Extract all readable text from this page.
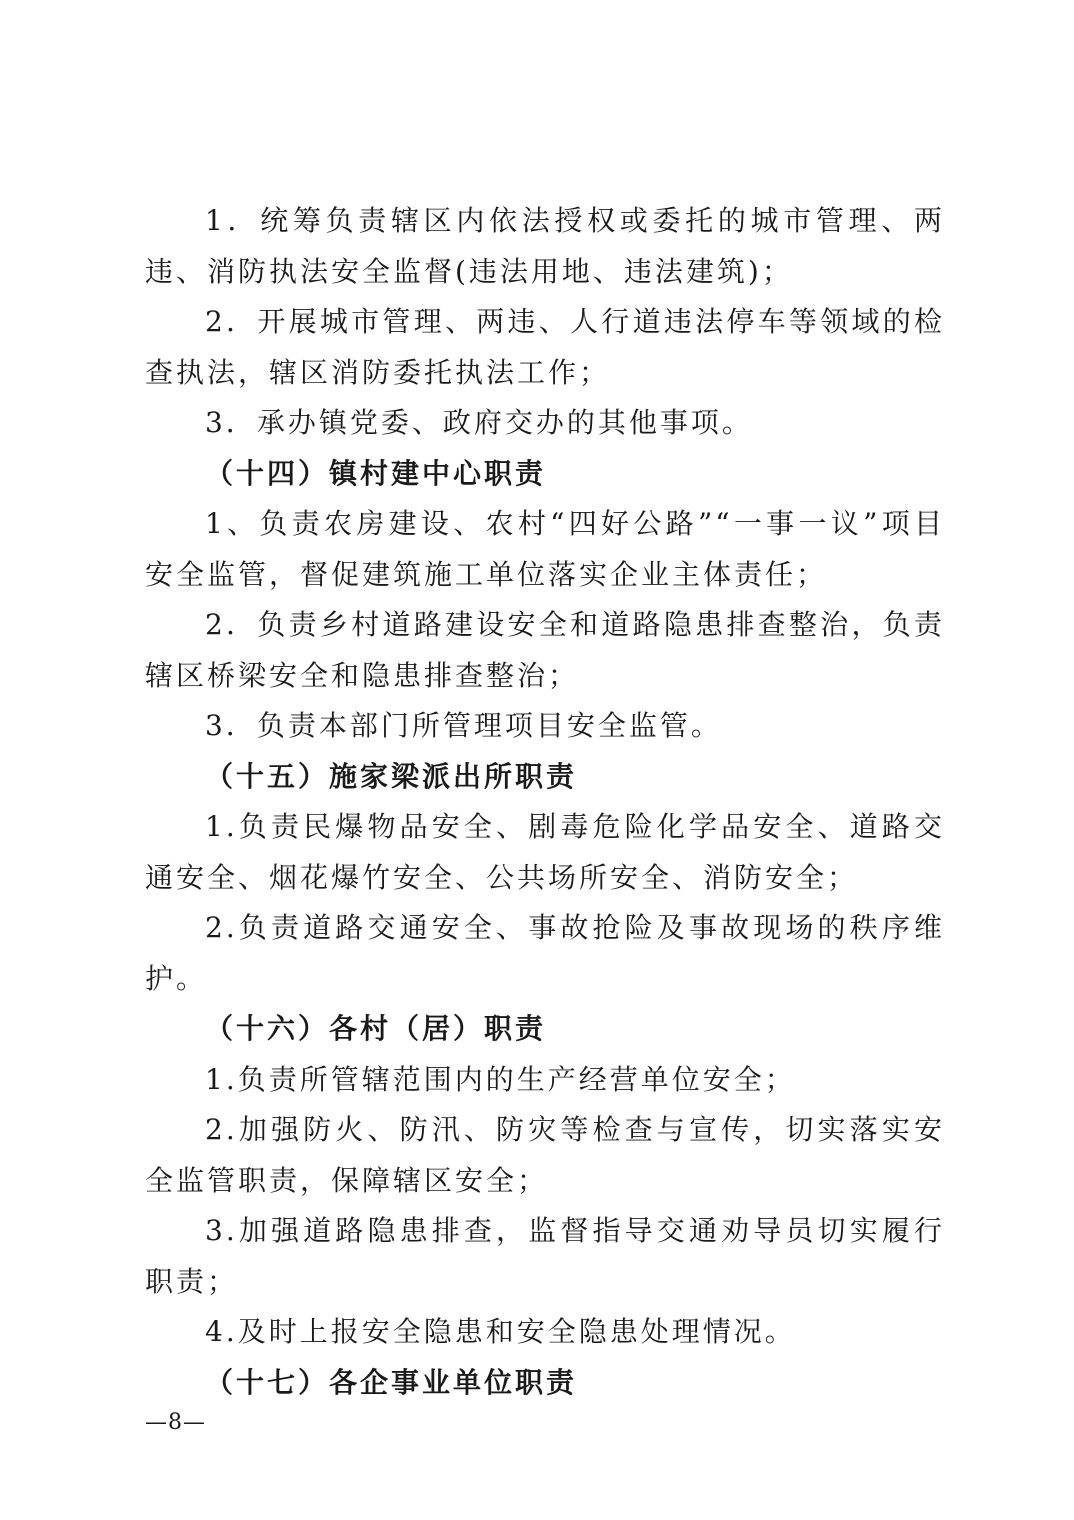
1．统筹负责辖区内依法授权或委托的城市管理、两违、消防执法安全监督(违法用地、违法建筑)；

2．开展城市管理、两违、人行道违法停车等领域的检查执法，辖区消防委托执法工作；

3．承办镇党委、政府交办的其他事项。

（十四）镇村建中心职责

1、负责农房建设、农村“四好公路”“一事一议”项目安全监管，督促建筑施工单位落实企业主体责任；

2．负责乡村道路建设安全和道路隐患排查整治，负责辖区桥梁安全和隐患排查整治；

3．负责本部门所管理项目安全监管。

（十五）施家梁派出所职责

1.负责民爆物品安全、剧毒危险化学品安全、道路交通安全、烟花爆竹安全、公共场所安全、消防安全；

2.负责道路交通安全、事故抢险及事故现场的秩序维护。

（十六）各村（居）职责

1.负责所管辖范围内的生产经营单位安全；

2.加强防火、防汛、防灾等检查与宣传，切实落实安全监管职责，保障辖区安全；

3.加强道路隐患排查，监督指导交通劝导员切实履行职责；

4.及时上报安全隐患和安全隐患处理情况。

（十七）各企事业单位职责

—8—
